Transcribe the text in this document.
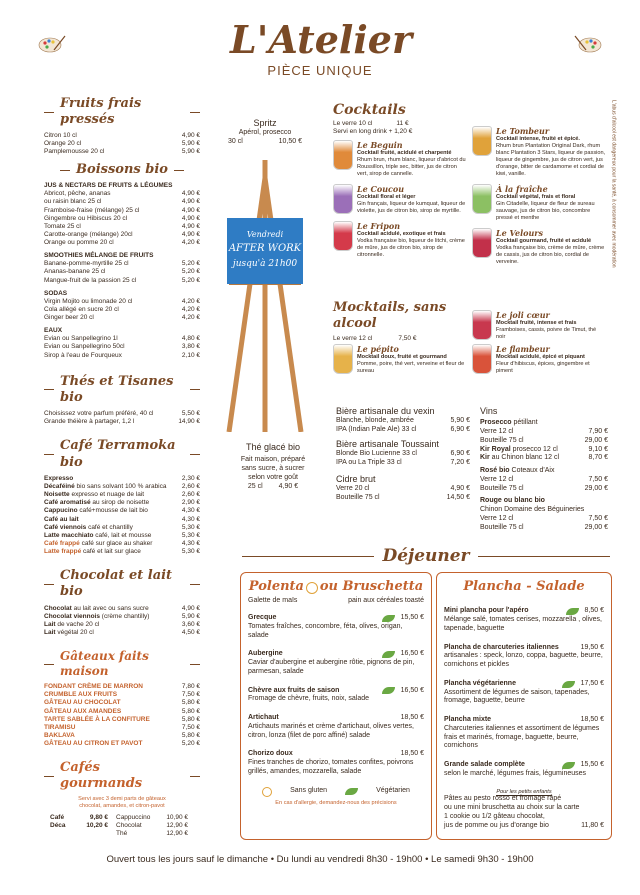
L'Atelier
PIÈCE UNIQUE
L'abus d'alcool est dangereux pour la santé, à consommer avec modération
Fruits frais pressés
Citron 10 cl	4,90 €
Orange 20 cl	5,90 €
Pamplemousse 20 cl	5,90 €
Boissons bio
JUS & NECTARS DE FRUITS & LÉGUMES
Abricot, pêche, ananas	4,90 €
ou raisin blanc 25 cl	4,90 €
Framboise-fraise (mélange) 25 cl	4,90 €
Gingembre ou Hibiscus 20 cl	4,90 €
Tomate 25 cl	4,90 €
Carotte-orange (mélange) 20cl	4,90 €
Orange ou pomme 20 cl	4,20 €
SMOOTHIES MÉLANGE DE FRUITS
Banane-pomme-myrtille 25 cl	5,20 €
Ananas-banane 25 cl	5,20 €
Mangue-fruit de la passion 25 cl	5,20 €
SODAS
Virgin Mojito ou limonade 20 cl	4,20 €
Cola allégé en sucre 20 cl	4,20 €
Ginger beer 20 cl	4,20 €
EAUX
Evian ou Sanpellegrino 1l	4,80 €
Evian ou Sanpellegrino 50cl	3,80 €
Sirop à l'eau de Fourqueux	2,10 €
Thés et Tisanes bio
Choisissez votre parfum préféré, 40 cl	5,50 €
Grande théière à partager, 1,2 l	14,90 €
Café Terramoka bio
Expresso	2,30 €
Décaféiné bio sans solvant 100 % arabica 2,60 €
Noisette expresso et nuage de lait	2,60 €
Café aromatisé au sirop de noisette	2,90 €
Cappucino café+mousse de lait bio	4,30 €
Café au lait	4,30 €
Café viennois café et chantilly	5,30 €
Latte macchiato café, lait et mousse	5,30 €
Café frappé café sur glace au shaker	4,30 €
Latte frappé café et lait sur glace	5,30 €
Chocolat et lait bio
Chocolat au lait avec ou sans sucre	4,90 €
Chocolat viennois (crème chantilly)	5,90 €
Lait de vache 20 cl	3,60 €
Lait végétal 20 cl	4,50 €
Gâteaux faits maison
FONDANT CRÈME DE MARRON	7,80 €
CRUMBLE AUX FRUITS	7,50 €
GÂTEAU AU CHOCOLAT	5,80 €
GÂTEAU AUX AMANDES	5,80 €
TARTE SABLÉE À LA CONFITURE	5,80 €
TIRAMISU	7,50 €
BAKLAVA	5,80 €
GÂTEAU AU CITRON ET PAVOT	5,20 €
Cafés gourmands
Servi avec 3 demi parts de gâteaux
chocolat, amandes, et citron-pavot
Café	9,80 €
Déca	10,20 €
Cappuccino 10,90 €
Chocolat	12,90 €
Thé	12,90 €
Spritz
Apérol, prosecco
30 cl	10,50 €
Vendredi
AFTER WORK
jusqu'à 21h00
Cocktails
Le verre 10 cl	11 €
Servi en long drink + 1,20 €
Le Beguin
Cocktail fruité, acidulé et charpenté
Rhum brun, rhum blanc, liqueur d'abricot du Roussillon, triple sec, bitter, jus de citron vert, sirop de cannelle.
Le Coucou
Cocktail floral et léger
Gin français, liqueur de kumquat, liqueur de violette, jus de citron bio, sirop de myrtille.
Le Fripon
Cocktail acidulé, exotique et frais
Vodka française bio, liqueur de litchi, crème de mûre, jus de citron bio, sirop de citronnelle.
Le Tombeur
Cocktail intense, fruité et épicé.
Rhum brun Plantation Original Dark, rhum blanc Plantation 3 Stars, liqueur de passion, liqueur de gingembre, jus de citron vert, jus d'orange, bitter de cardamome et cordial de kiwi, vanille.
À la fraîche
Cocktail végétal, frais et floral
Gin Citadelle, liqueur de fleur de sureau sauvage, jus de citron bio, concombre pressé et menthe
Le Velours
Cocktail gourmand, fruité et acidulé
Vodka française bio, crème de mûre, crème de cassis, jus de citron bio, cordial de verveine.
Mocktails, sans alcool
Le verre 12 cl	7,50 €
Le pépito
Mocktail doux, fruité et gourmand
Pomme, poire, thé vert, verveine et fleur de sureau
Le joli cœur
Mocktail fruité, intense et frais
Framboises, cassis, poivre de Timut, thé noir
Le flambeur
Mocktail acidulé, épicé et piquant
Fleur d'hibiscus, épices, gingembre et piment
Thé glacé bio
Fait maison, préparé
sans sucre, à sucrer
selon votre goût
25 cl 4,90 €
Bière artisanale du vexin
Blanche, blonde, ambrée	5,90 €
IPA (Indian Pale Ale) 33 cl	6,90 €
Bière artisanale Toussaint
Blonde Bio Lucienne 33 cl	6,90 €
IPA ou La Triple 33 cl	7,20 €
Cidre brut
Verre 20 cl	4,90 €
Bouteille 75 cl	14,50 €
Vins
Prosecco pétillant
Verre 12 cl	7,90 €
Bouteille 75 cl	29,00 €
Kir Royal prosecco 12 cl	9,10 €
Kir au Chinon blanc 12 cl	8,70 €
Rosé bio Coteaux d'Aix
Verre 12 cl	7,50 €
Bouteille 75 cl	29,00 €
Rouge ou blanc bio
Chinon Domaine des Béguineries
Verre 12 cl	7,50 €
Bouteille 75 cl	29,00 €
Déjeuner
Polenta ou Bruschetta
Galette de maïs	pain aux céréales toasté
Grecque	15,50 €
Tomates fraîches, concombre, féta, olives, origan, salade
Aubergine	16,50 €
Caviar d'aubergine et aubergine rôtie, pignons de pin, parmesan, salade
Chèvre aux fruits de saison	16,50 €
Fromage de chèvre, fruits, noix, salade
Artichaut	18,50 €
Artichauts marinés et crème d'artichaut, olives vertes, citron, lonza (filet de porc affiné) salade
Chorizo doux	18,50 €
Fines tranches de chorizo, tomates confites, poivrons grillés, amandes, mozzarella, salade
Sans gluten	Végétarien
En cas d'allergie, demandez-nous des précisions
Plancha - Salade
Mini plancha pour l'apéro	8,50 €
Mélange salé, tomates cerises, mozzarella , olives, tapenade, baguette
Plancha de charcuteries italiennes	19,50 €
artisanales : speck, lonzo, coppa, baguette, beurre, cornichons et pickles
Plancha végétarienne	17,50 €
Assortiment de légumes de saison, tapenades, fromage, baguette, beurre
Plancha mixte	18,50 €
Charcuteries italiennes et assortiment de légumes frais et marinés, fromage, baguette, beurre, cornichons
Grande salade complète	15,50 €
selon le marché, légumes frais, légumineuses
Pour les petits enfants
Pâtes au pesto rosso et fromage râpé
ou une mini bruschetta au choix sur la carte
1 cookie ou 1/2 gâteau chocolat,
jus de pomme ou jus d'orange bio	11,80 €
Ouvert tous les jours sauf le dimanche • Du lundi au vendredi 8h30 - 19h00 • Le samedi 9h30 - 19h00
